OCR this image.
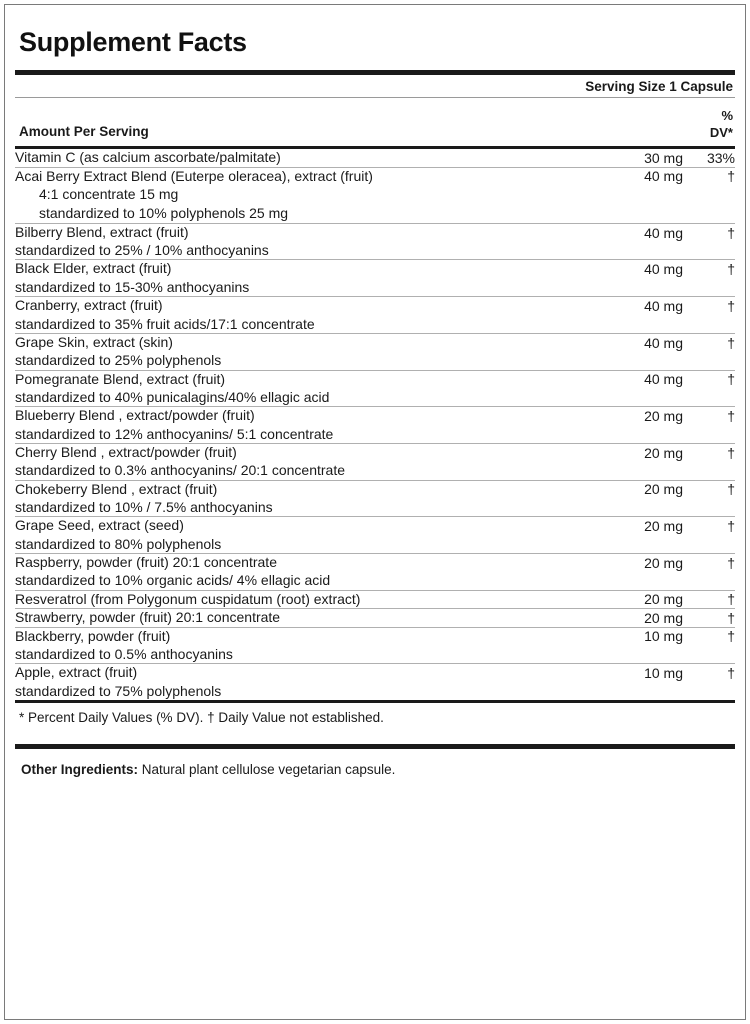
Supplement Facts
Serving Size 1 Capsule
Amount Per Serving
%
DV*
Vitamin C (as calcium ascorbate/palmitate)	30 mg	33%
Acai Berry Extract Blend (Euterpe oleracea), extract (fruit)	40 mg	†

4:1 concentrate 15 mg
standardized to 10% polyphenols 25 mg		

Bilberry Blend, extract (fruit)	40 mg	†
standardized to 25% / 10% anthocyanins		
Black Elder, extract (fruit)	40 mg	†
standardized to 15-30% anthocyanins		
Cranberry, extract (fruit)	40 mg	†
standardized to 35% fruit acids/17:1 concentrate		
Grape Skin, extract (skin)	40 mg	†
standardized to 25% polyphenols		
Pomegranate Blend, extract (fruit)	40 mg	†
standardized to 40% punicalagins/40% ellagic acid		
Blueberry Blend , extract/powder (fruit)	20 mg	†
standardized to 12% anthocyanins/ 5:1 concentrate		
Cherry Blend , extract/powder (fruit)	20 mg	†
standardized to 0.3% anthocyanins/ 20:1 concentrate		
Chokeberry Blend , extract (fruit)	20 mg	†
standardized to 10% / 7.5% anthocyanins		
Grape Seed, extract (seed)	20 mg	†
standardized to 80% polyphenols		
Raspberry, powder (fruit) 20:1 concentrate	20 mg	†
standardized to 10% organic acids/ 4% ellagic acid		
Resveratrol (from Polygonum cuspidatum (root) extract)	20 mg	†
Strawberry, powder (fruit) 20:1 concentrate	20 mg	†
Blackberry, powder (fruit)	10 mg	†
standardized to 0.5% anthocyanins		
Apple, extract (fruit)	10 mg	†
standardized to 75% polyphenols		
* Percent Daily Values (% DV). † Daily Value not established.
Other Ingredients: Natural plant cellulose vegetarian capsule.
